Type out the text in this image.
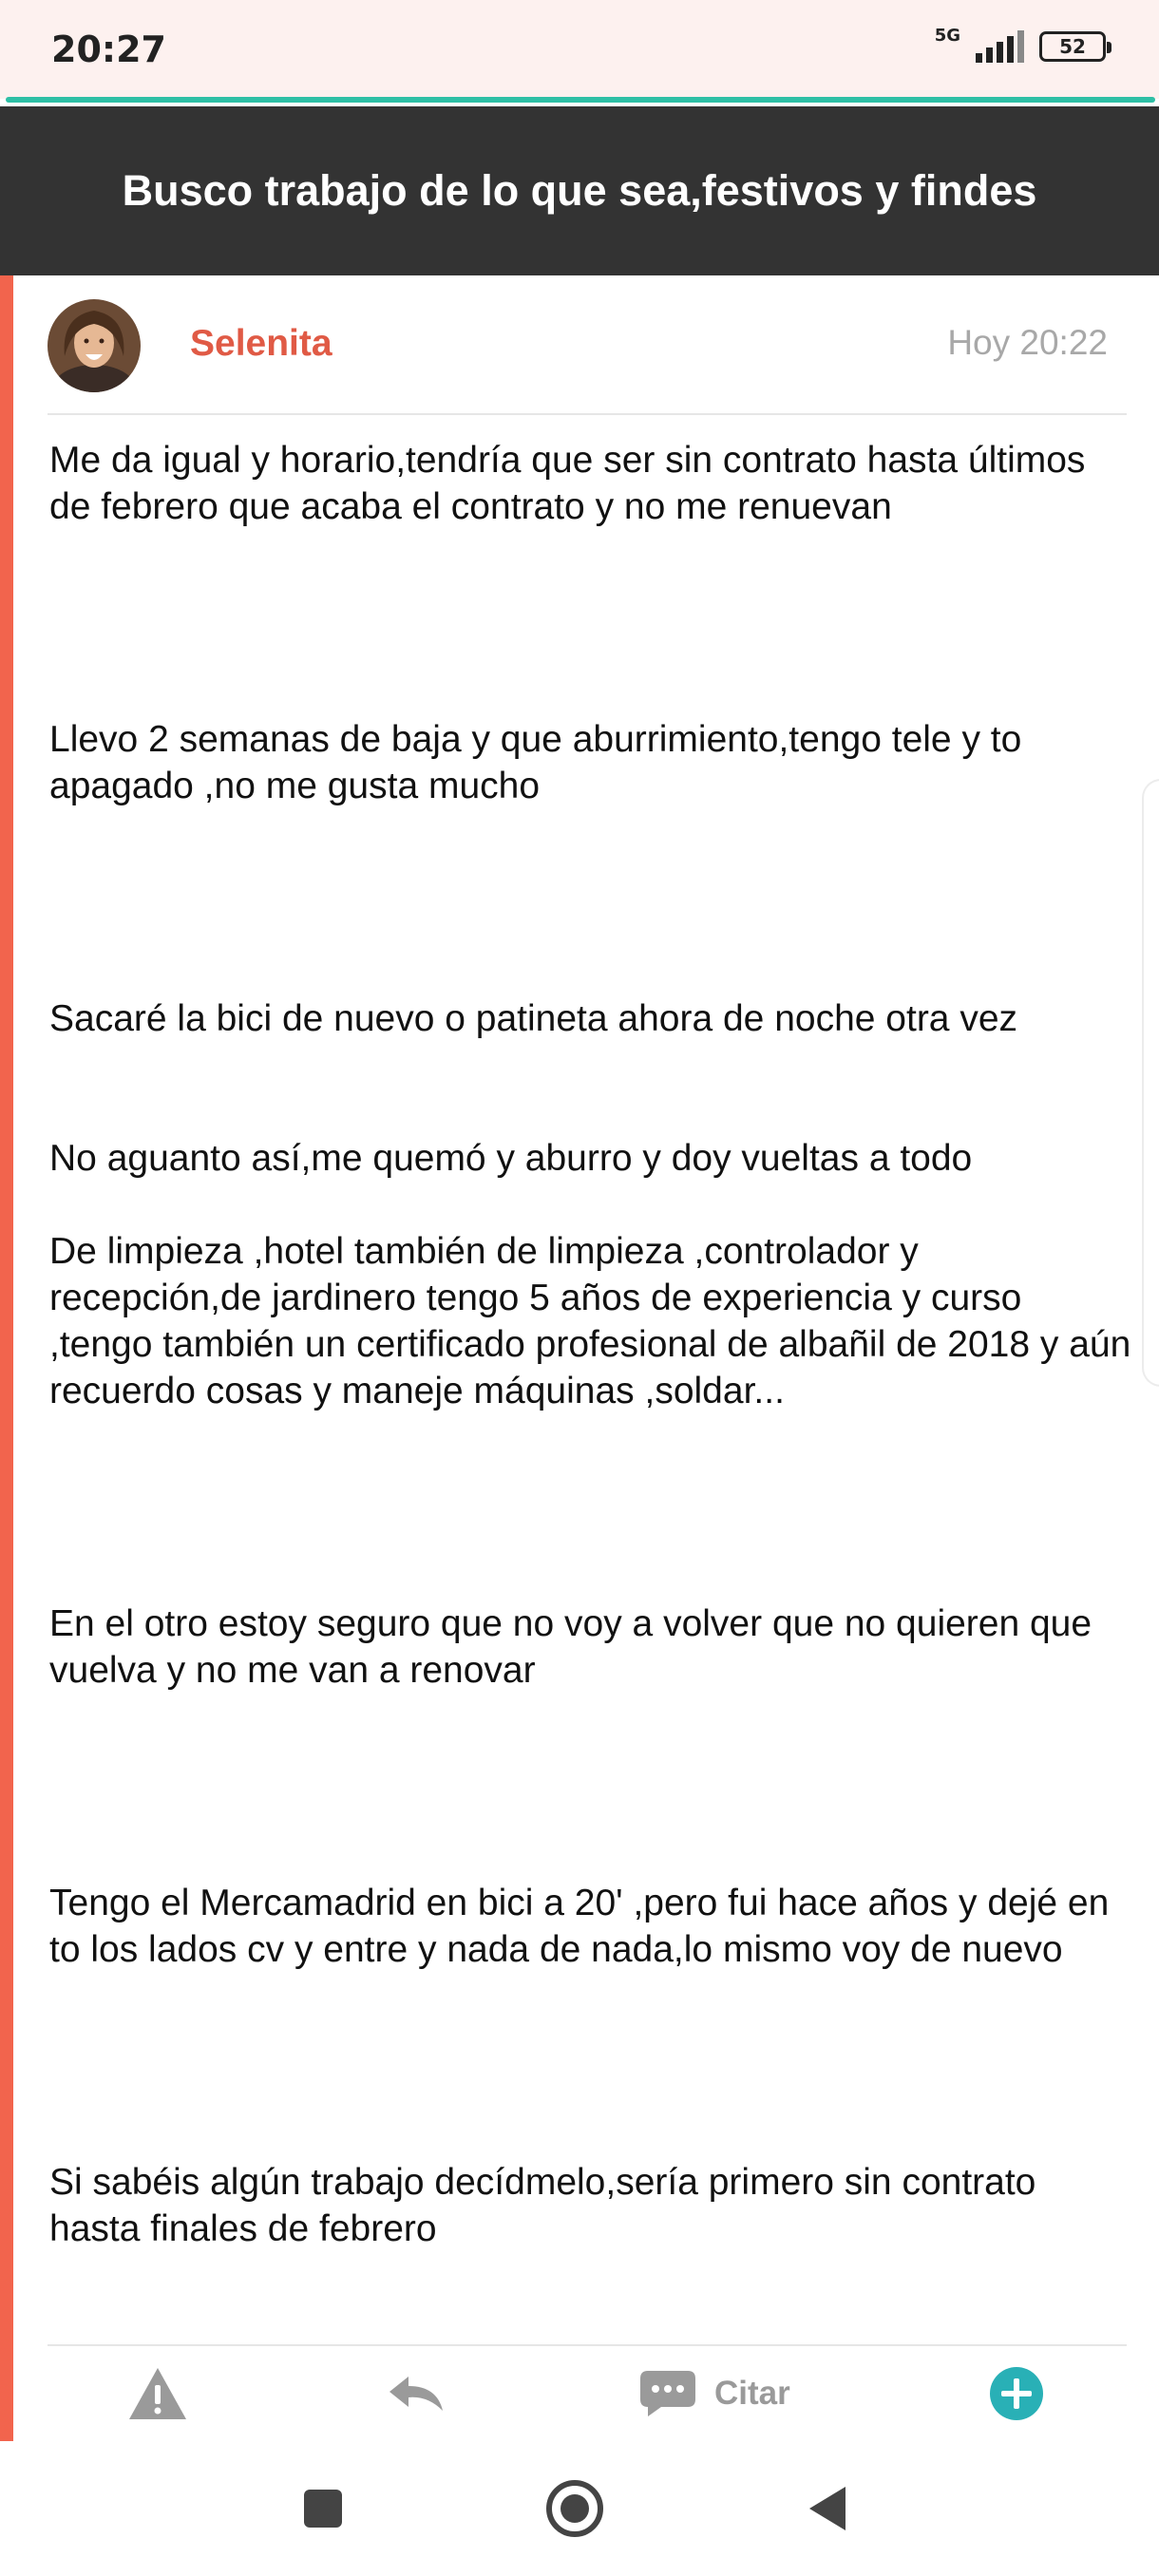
20:27	5G	52
Busco trabajo de lo que sea,festivos y findes
Selenita	Hoy 20:22

Me da igual y horario,tendría que ser sin contrato hasta últimos de febrero que acaba el contrato y no me renuevan

Llevo 2 semanas de baja y que aburrimiento,tengo tele y to apagado ,no me gusta mucho

Sacaré la bici de nuevo o patineta ahora de noche otra vez

No aguanto así,me quemó y aburro y doy vueltas a todo

De limpieza ,hotel también de limpieza ,controlador y recepción,de jardinero tengo 5 años de experiencia y curso ,tengo también un certificado profesional de albañil de 2018 y aún recuerdo cosas y maneje máquinas ,soldar...

En el otro estoy seguro que no voy a volver que no quieren que vuelva y no me van a renovar

Tengo el Mercamadrid en bici a 20' ,pero fui hace años y dejé en to los lados cv y entre y nada de nada,lo mismo voy de nuevo

Si sabéis algún trabajo decídmelo,sería primero sin contrato hasta finales de febrero

Citar
